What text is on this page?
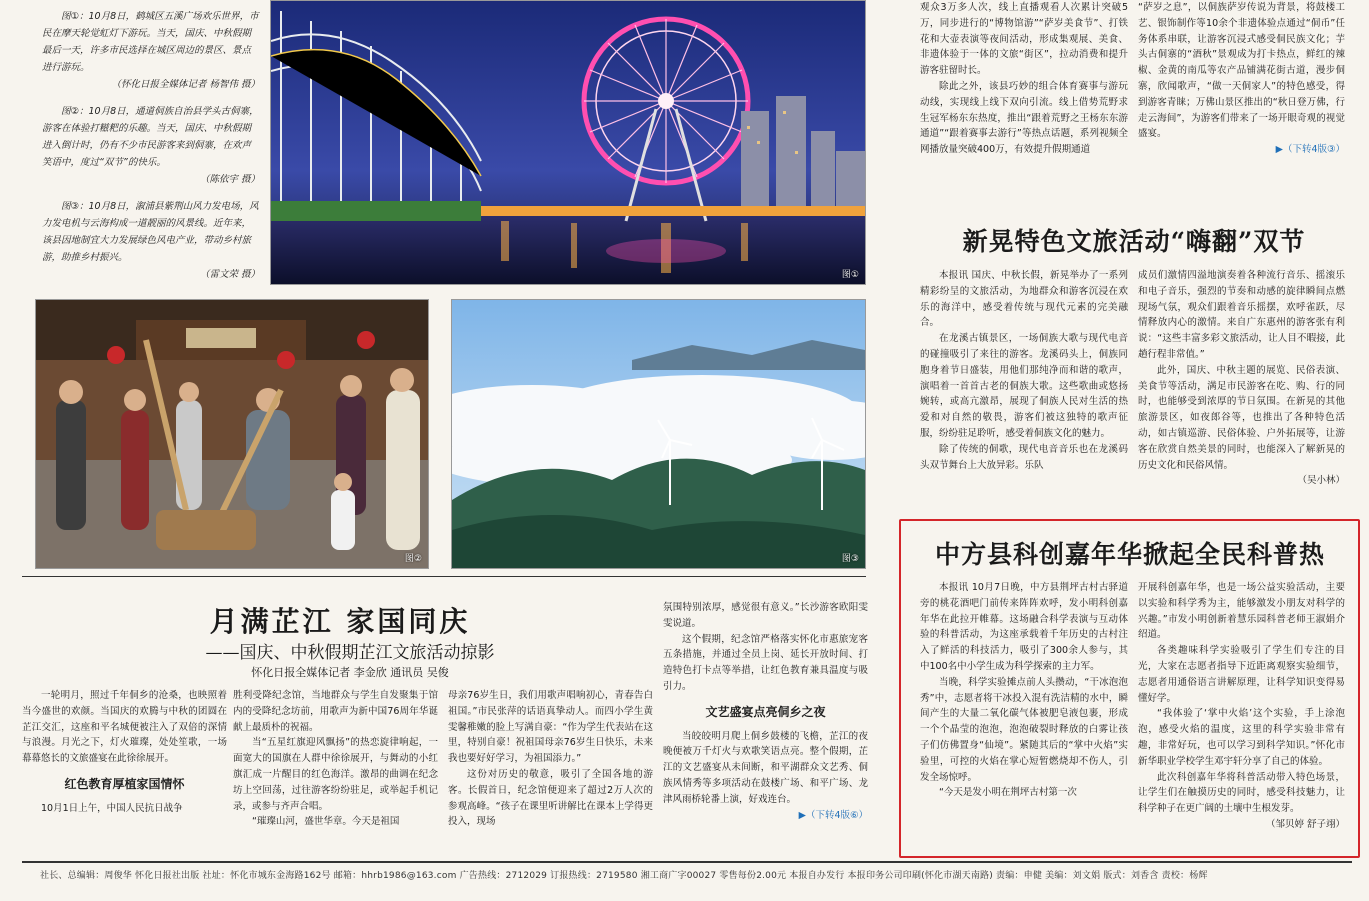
图①：10月8日，鹤城区五溪广场欢乐世界，市民在摩天轮觉虹灯下游玩。当天，国庆、中秋假期最后一天，许多市民选择在城区周边的景区、景点进行游玩。
（怀化日报全媒体记者 杨智伟 摄）

图②：10月8日，通道侗族自治县学头古侗寨，游客在体验打糍粑的乐趣。当天，国庆、中秋假期进入倒计时，仍有不少市民游客来到侗寨，在欢声笑语中，度过“双节”的快乐。
（陈依宇 摄）

图③：10月8日，溆浦县紫荆山风力发电场，风力发电机与云海构成一道靓丽的风景线。近年来，该县因地制宜大力发展绿色风电产业，带动乡村旅游，助推乡村振兴。
（雷文荣 摄）	图①
图②	图③

观众3万多人次，线上直播观看人次累计突破5万，同步进行的“博物馆游”“萨岁美食节”、打铁花和大壶表演等夜间活动，形成集观展、美食、非遗体验于一体的文旅“街区”，拉动消费和提升游客驻留时长。

除此之外，该县巧妙的组合体育赛事与游玩动线，实现线上线下双向引流。线上借势荒野求生冠军杨东东热度，推出“跟着荒野之王杨东东游通道”“跟着赛事去游行”等热点话题，系列视频全网播放量突破400万，有效提升假期通道

“萨岁之息”，以侗族萨岁传说为背景，将鼓楼工艺、银饰制作等10余个非遗体验点通过“侗币”任务体系串联，让游客沉浸式感受侗民族文化；芋头古侗寨的“酒秋”景观成为打卡热点，鲜红的辣椒、金黄的南瓜等农产品铺满花街古道，漫步侗寨，欣闻歌声，“做一天侗家人”的特色感受，得到游客青睐；万佛山景区推出的“秋日登万佛，行走云海间”，为游客们带来了一场开眼奇观的视觉盛宴。

▶（下转4版③）

新晃特色文旅活动“嗨翻”双节

本报讯 国庆、中秋长假，新晃举办了一系列精彩纷呈的文旅活动，为地群众和游客沉浸在欢乐的海洋中，感受着传统与现代元素的完美融合。

在龙溪古镇景区，一场侗族大歌与现代电音的碰撞吸引了来往的游客。龙溪码头上，侗族同胞身着节日盛装，用他们那纯净而和谐的歌声，演唱着一首首古老的侗族大歌。这些歌曲或悠扬婉转，或高亢激昂，展现了侗族人民对生活的热爱和对自然的敬畏，游客们被这独特的歌声征服，纷纷驻足聆听，感受着侗族文化的魅力。

除了传统的侗歌，现代电音音乐也在龙溪码头双节舞台上大放异彩。乐队

成员们激情四溢地演奏着各种流行音乐、摇滚乐和电子音乐，强烈的节奏和动感的旋律瞬间点燃现场气氛，观众们跟着音乐摇摆，欢呼雀跃，尽情释放内心的激情。来自广东惠州的游客张有利说：“这些丰富多彩文旅活动，让人目不暇接，此趟行程非常值。”

此外，国庆、中秋主题的展览、民俗表演、美食节等活动，满足市民游客在吃、购、行的同时，也能够受到浓厚的节日氛围。在新晃的其他旅游景区，如夜郎谷等，也推出了各种特色活动，如古镇巡游、民俗体验、户外拓展等，让游客在欣赏自然美景的同时，也能深入了解新晃的历史文化和民俗风情。

（吴小林）

中方县科创嘉年华掀起全民科普热

本报讯 10月7日晚，中方县荆坪古村古驿道旁的桃花酒吧门前传来阵阵欢呼，发小明科创嘉年华在此拉开帷幕。这场融合科学表演与互动体验的科普活动，为这座承载着千年历史的古村注入了鲜活的科技活力，吸引了300余人参与，其中100名中小学生成为科学探索的主力军。

当晚，科学实验摊点前人头攒动，“干冰泡泡秀”中，志愿者将干冰投入混有洗洁精的水中，瞬间产生的大量二氧化碳气体被肥皂液包裹，形成一个个晶莹的泡泡，泡泡破裂时释放的白雾让孩子们仿佛置身“仙境”。紧随其后的“掌中火焰”实验里，可控的火焰在掌心短暂燃烧却不伤人，引发全场惊呼。

“今天是发小明在荆坪古村第一次

开展科创嘉年华，也是一场公益实验活动，主要以实验和科学秀为主，能够激发小朋友对科学的兴趣。”市发小明创新着慧乐园科普老师王淑娟介绍道。

各类趣味科学实验吸引了学生们专注的目光，大家在志愿者指导下近距离观察实验细节，志愿者用通俗语言讲解原理，让科学知识变得易懂好学。

“我体验了‘掌中火焰’这个实验，手上涂泡泡，感受火焰的温度，这里的科学实验非常有趣，非常好玩，也可以学习到科学知识。”怀化市新华职业学校学生邓宇轩分享了自己的体验。

此次科创嘉年华将科普活动带入特色场景，让学生们在触摸历史的同时，感受科技魅力，让科学种子在更广阔的土壤中生根发芽。

（邹贝婷 舒子翊）

月满芷江 家国同庆
——国庆、中秋假期芷江文旅活动掠影
怀化日报全媒体记者 李金欣 通讯员 吴俊

一轮明月，照过千年侗乡的沧桑，也映照着当今盛世的欢颜。当国庆的欢腾与中秋的团圆在芷江交汇，这座和平名城便被注入了双倍的深情与浪漫。月光之下，灯火璀璨，处处笙歌，一场幕幕悠长的文旅盛宴在此徐徐展开。

红色教育厚植家国情怀

10月1日上午，中国人民抗日战争

胜利受降纪念馆，当地群众与学生自发聚集于馆内的受降纪念坊前，用歌声为新中国76周年华诞献上最质朴的祝福。

当“五星红旗迎风飘扬”的热恋旋律响起，一面宽大的国旗在人群中徐徐展开，与舞动的小红旗汇成一片醒目的红色海洋。激昂的曲调在纪念坊上空回荡，过往游客纷纷驻足，或举起手机记录，或参与齐声合唱。

“璀璨山河，盛世华章。今天是祖国

母亲76岁生日，我们用歌声唱响初心，青春告白祖国。”市民张萍的话语真挚动人。而四小学生黄雯馨稚嫩的脸上写满自豪：“作为学生代表站在这里，特别自豪！祝祖国母亲76岁生日快乐，未来我也要好好学习，为祖国添力。”

这份对历史的敬意，吸引了全国各地的游客。长假首日，纪念馆便迎来了超过2万人次的参观高峰。“孩子在课里听讲解比在课本上学得更投入，现场

氛围特别浓厚，感觉很有意义。”长沙游客欧阳雯雯说道。

这个假期，纪念馆严格落实怀化市惠旅宠客五条措施，并通过全员上岗、延长开放时间、打造特色打卡点等举措，让红色教育兼具温度与吸引力。

文艺盛宴点亮侗乡之夜

当皎皎明月爬上侗乡鼓楼的飞檐，芷江的夜晚便被万千灯火与欢歌笑语点亮。整个假期，芷江的文艺盛宴从未间断，和平湖群众文艺秀、侗族风情秀等多项活动在鼓楼广场、和平广场、龙津风雨桥轮番上演，好戏连台。

▶（下转4版⑥）

社长、总编辑：周俊华 怀化日报社出版 社址：怀化市城东金海路162号 邮箱：hhrb1986@163.com 广告热线：2712029 订报热线：2719580 湘工商广字00027 零售每份2.00元 本报自办发行 本报印务公司印刷(怀化市湖天南路) 责编：申健 美编：刘文娟 版式：刘香含 责校：杨辉
